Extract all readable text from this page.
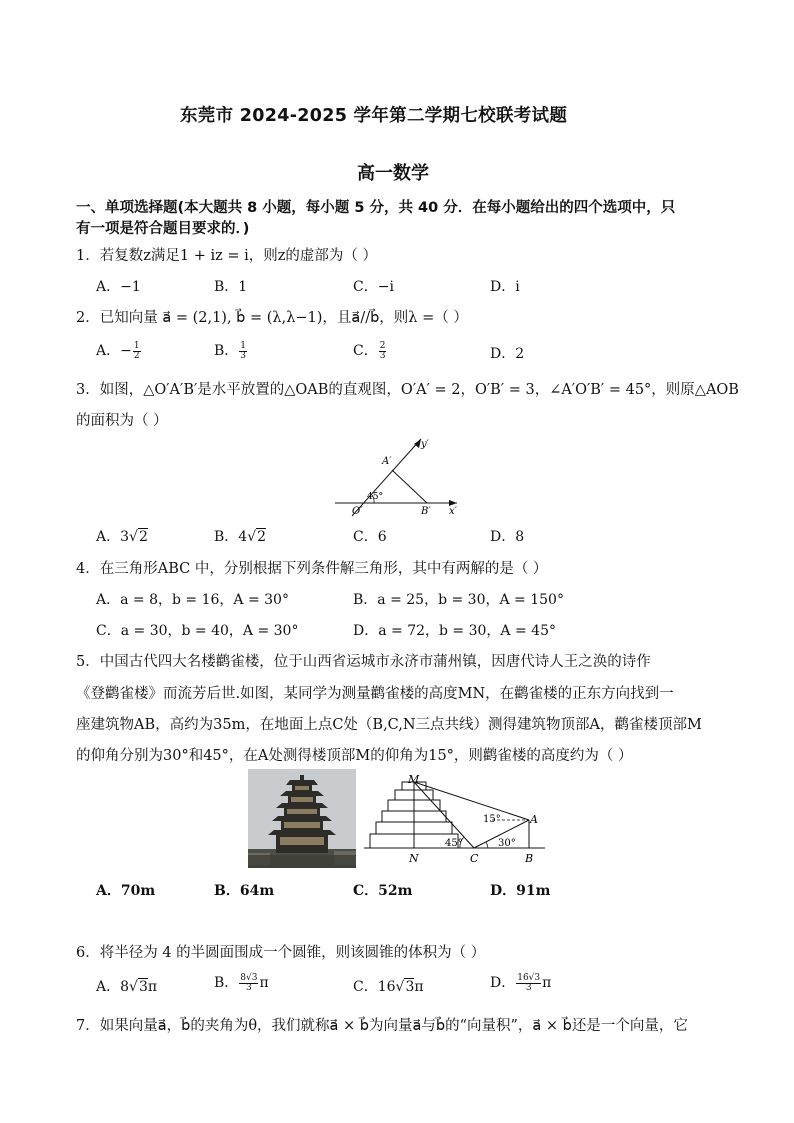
东莞市 2024-2025 学年第二学期七校联考试题
高一数学
一、单项选择题(本大题共 8 小题，每小题 5 分，共 40 分．在每小题给出的四个选项中，只
有一项是符合题目要求的．)
1．若复数z满足1 + iz = i，则z的虚部为（ ）
A．−1	B．1	C．−i	D．i
2．已知向量 a⃗ = (2,1), b⃗ = (λ,λ−1)，且a⃗//b⃗，则λ =（ ）
A．− $\frac{1}{2}$	B． $\frac{1}{3}$	C． $\frac{2}{3}$	D．2
3．如图，△O′A′B′是水平放置的△OAB的直观图，O′A′ = 2，O′B′ = 3，∠A′O′B′ = 45°，则原△AOB
的面积为（ ）
y′
A′
45°
O′	B′ x′
A．3√2	B．4√2	C．6	D．8
4．在三角形ABC 中，分别根据下列条件解三角形，其中有两解的是（ ）
A．a = 8，b = 16，A = 30°	B．a = 25，b = 30，A = 150°
C．a = 30，b = 40，A = 30°	D．a = 72，b = 30，A = 45°
5．中国古代四大名楼鹳雀楼，位于山西省运城市永济市蒲州镇，因唐代诗人王之涣的诗作
《登鹳雀楼》而流芳后世.如图，某同学为测量鹳雀楼的高度MN，在鹳雀楼的正东方向找到一
座建筑物AB，高约为35m，在地面上点C处（B,C,N三点共线）测得建筑物顶部A，鹳雀楼顶部M
的仰角分别为30°和45°，在A处测得楼顶部M的仰角为15°，则鹳雀楼的高度约为（ ）
M
A
N	C	B
15°
45°	30°
A．70m	B．64m	C．52m	D．91m
6．将半径为 4 的半圆面围成一个圆锥，则该圆锥的体积为（ ）
A．8√3π	B． $\frac{8√3}{3}$ π	C．16√3π	D． $\frac{16√3}{3}$ π
7．如果向量a⃗，b⃗的夹角为θ，我们就称a⃗ × b⃗为向量a⃗与b⃗的“向量积”，a⃗ × b⃗还是一个向量，它
